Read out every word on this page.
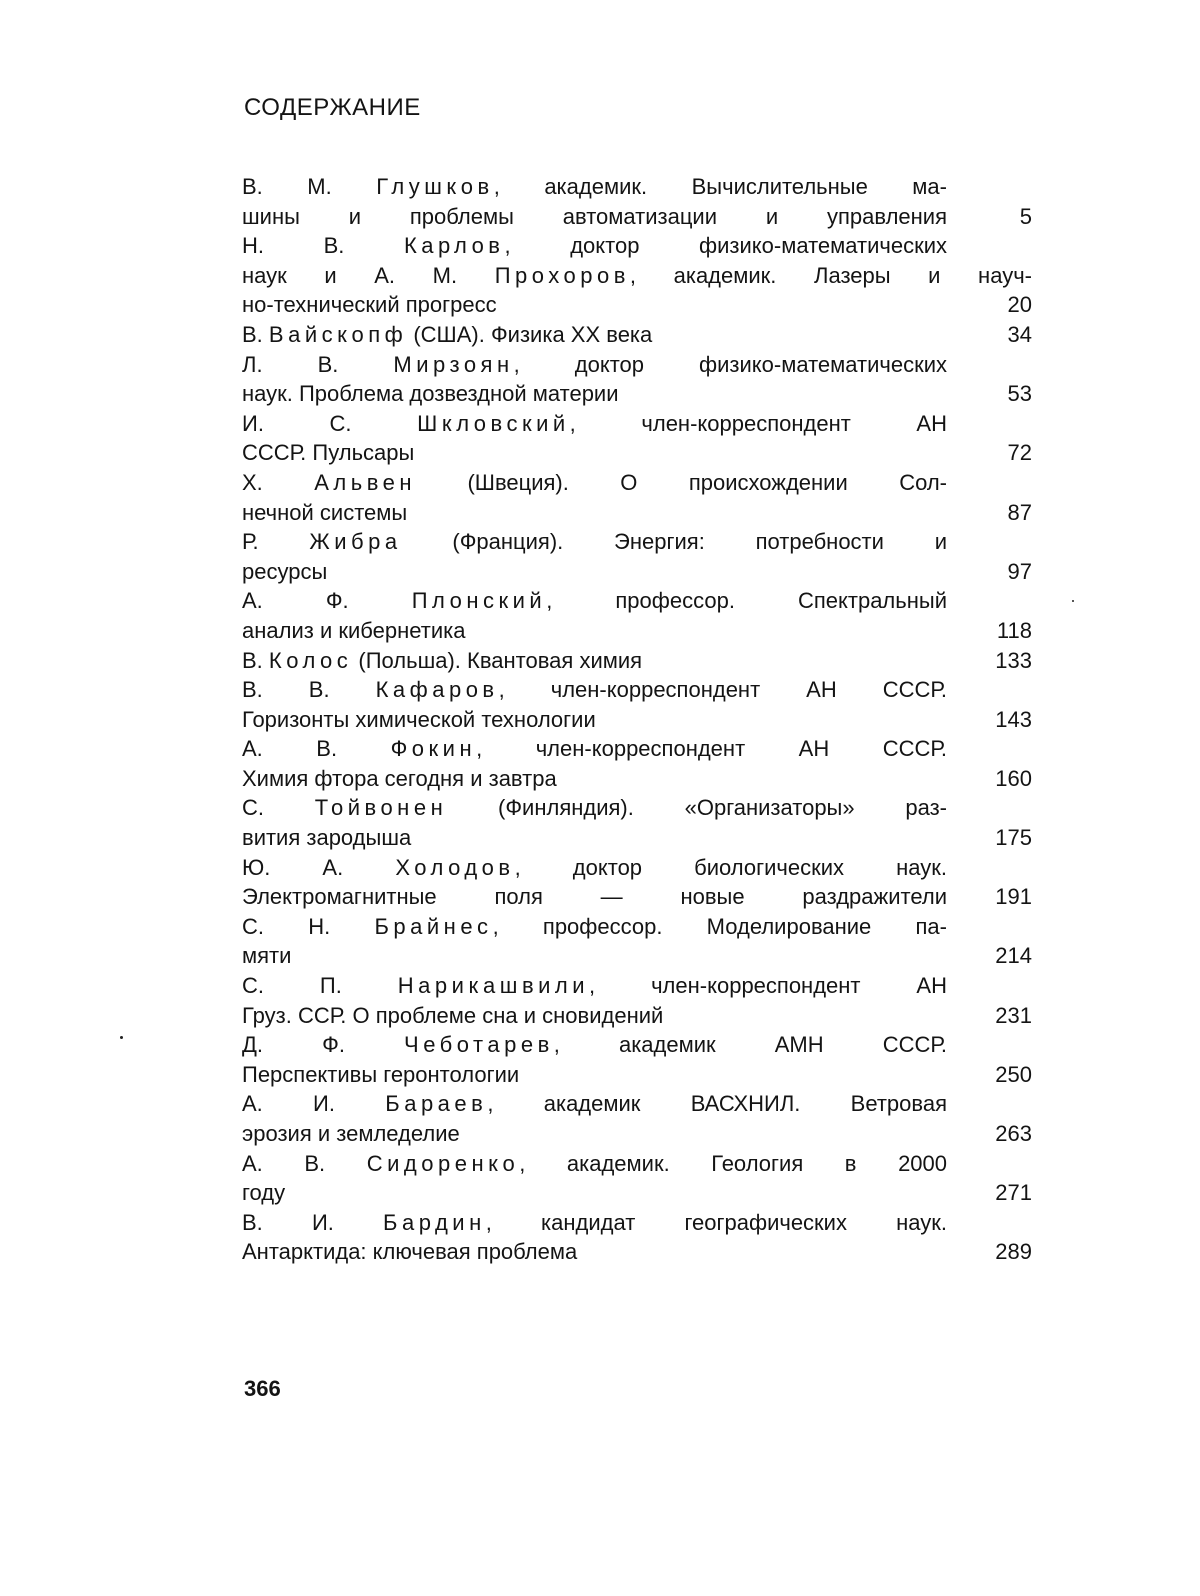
СОДЕРЖАНИЕ
В. М. Глушков, академик. Вычислительные ма-
шины и проблемы автоматизации и управления	5
Н. В. Карлов, доктор физико-математических
наук и А. М. Прохоров, академик. Лазеры и науч-
но-технический прогресс	20
В. Вайскопф (США). Физика XX века	34
Л. В. Мирзоян, доктор физико-математических
наук. Проблема дозвездной материи	53
И. С. Шкловский, член-корреспондент АН
СССР. Пульсары	72
Х. Альвен (Швеция). О происхождении Сол-
нечной системы	87
Р. Жибра (Франция). Энергия: потребности и
ресурсы	97
А. Ф. Плонский, профессор. Спектральный
анализ и кибернетика	118
В. Колос (Польша). Квантовая химия	133
В. В. Кафаров, член-корреспондент АН СССР.
Горизонты химической технологии	143
А. В. Фокин, член-корреспондент АН СССР.
Химия фтора сегодня и завтра	160
С. Тойвонен (Финляндия). «Организаторы» раз-
вития зародыша	175
Ю. А. Холодов, доктор биологических наук.
Электромагнитные поля — новые раздражители 191
С. Н. Брайнес, профессор. Моделирование па-
мяти	214
С. П. Нарикашвили, член-корреспондент АН
Груз. ССР. О проблеме сна и сновидений	231
Д. Ф. Чеботарев, академик АМН СССР.
Перспективы геронтологии	250
А. И. Бараев, академик ВАСХНИЛ. Ветровая
эрозия и земледелие	263
А. В. Сидоренко, академик. Геология в 2000
году	271
В. И. Бардин, кандидат географических наук.
Антарктида: ключевая проблема	289
366
